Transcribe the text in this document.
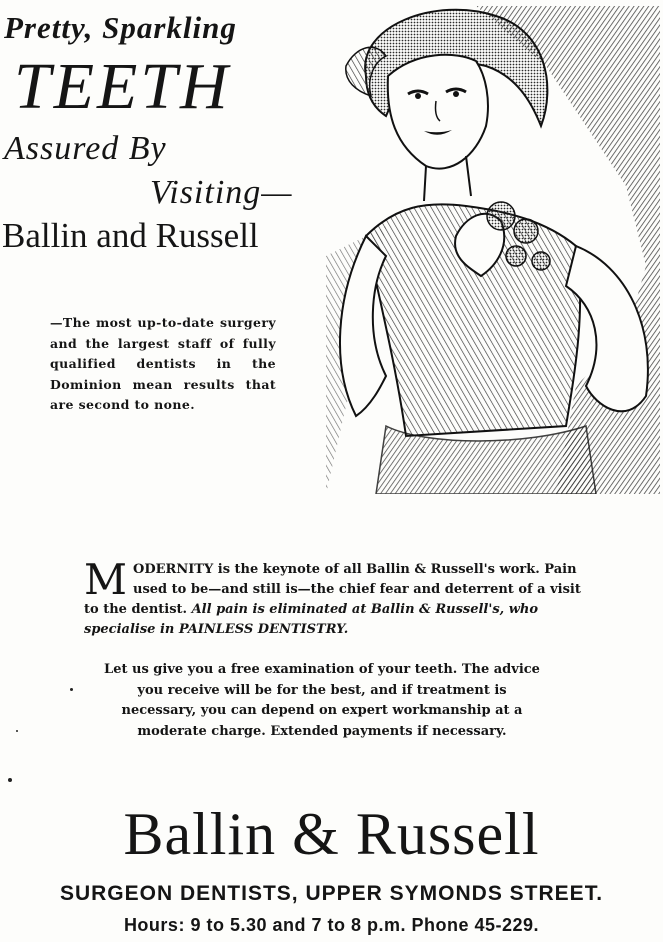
Pretty, Sparkling
TEETH
Assured By
Visiting—
Ballin and Russell
—The most up-to-date surgery and the largest staff of fully qualified dentists in the Dominion mean results that are second to none.

M ODERNITY is the keynote of all Ballin & Russell's work. Pain used to be—and still is—the chief fear and deterrent of a visit to the dentist. All pain is eliminated at Ballin & Russell's, who specialise in PAINLESS DENTISTRY.

Let us give you a free examination of your teeth. The advice you receive will be for the best, and if treatment is necessary, you can depend on expert workmanship at a moderate charge. Extended payments if necessary.

Ballin & Russell
SURGEON DENTISTS, UPPER SYMONDS STREET.
Hours: 9 to 5.30 and 7 to 8 p.m. Phone 45-229.
